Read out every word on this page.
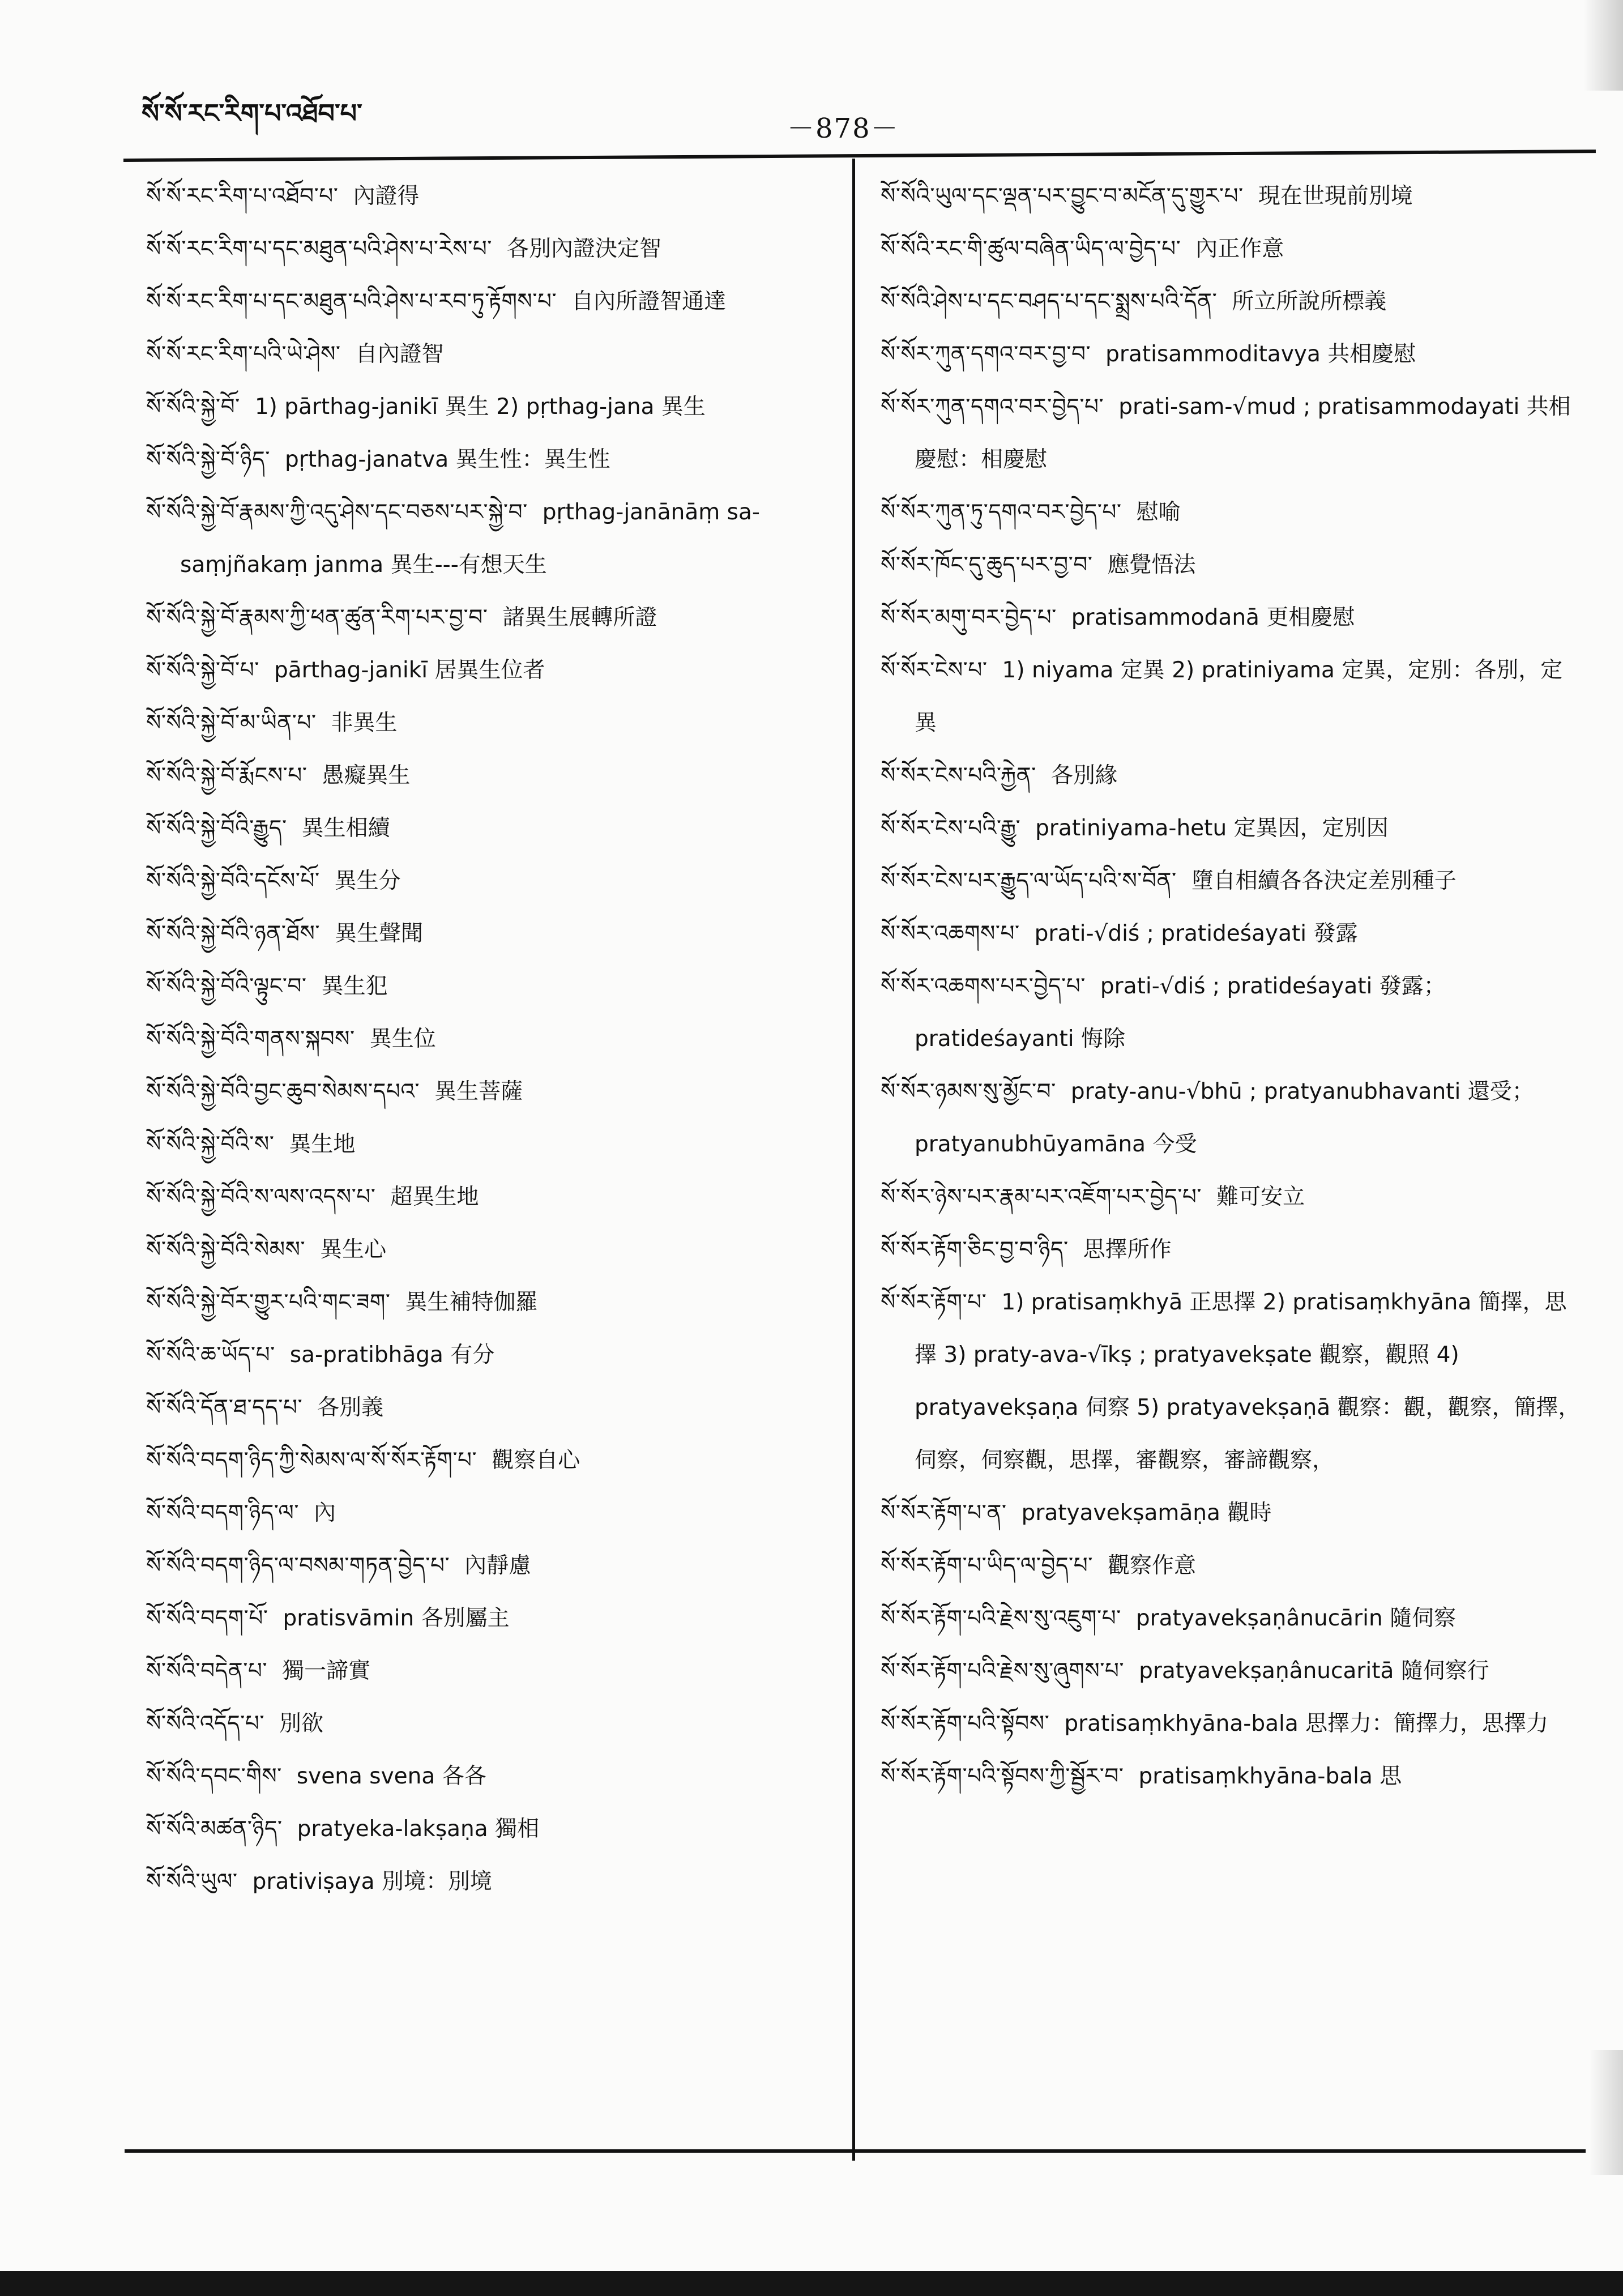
སོ་སོ་རང་རིག་པ་འཐོབ་པ་	－878－

སོ་སོ་རང་རིག་པ་འཐོབ་པ་ 內證得

སོ་སོ་རང་རིག་པ་དང་མཐུན་པའི་ཤེས་པ་རེས་པ་ 各別內證決定智

སོ་སོ་རང་རིག་པ་དང་མཐུན་པའི་ཤེས་པ་རབ་ཏུ་རྟོགས་པ་ 自內所證智通達

སོ་སོ་རང་རིག་པའི་ཡེ་ཤེས་ 自內證智

སོ་སོའི་སྐྱེ་བོ་ 1) pārthag-janikī 異生 2) pṛthag-jana 異生

སོ་སོའི་སྐྱེ་བོ་ཉིད་ pṛthag-janatva 異生性：異生性

སོ་སོའི་སྐྱེ་བོ་རྣམས་ཀྱི་འདུ་ཤེས་དང་བཅས་པར་སྐྱེ་བ་ pṛthag-janānāṃ sa-saṃjñakaṃ janma 異生---有想天生

སོ་སོའི་སྐྱེ་བོ་རྣམས་ཀྱི་ཕན་ཚུན་རིག་པར་བྱ་བ་ 諸異生展轉所證

སོ་སོའི་སྐྱེ་བོ་པ་ pārthag-janikī 居異生位者

སོ་སོའི་སྐྱེ་བོ་མ་ཡིན་པ་ 非異生

སོ་སོའི་སྐྱེ་བོ་རྨོངས་པ་ 愚癡異生

སོ་སོའི་སྐྱེ་བོའི་རྒྱུད་ 異生相續

སོ་སོའི་སྐྱེ་བོའི་དངོས་པོ་ 異生分

སོ་སོའི་སྐྱེ་བོའི་ཉན་ཐོས་ 異生聲聞

སོ་སོའི་སྐྱེ་བོའི་ལྟུང་བ་ 異生犯

སོ་སོའི་སྐྱེ་བོའི་གནས་སྐབས་ 異生位

སོ་སོའི་སྐྱེ་བོའི་བྱང་ཆུབ་སེམས་དཔའ་ 異生菩薩

སོ་སོའི་སྐྱེ་བོའི་ས་ 異生地

སོ་སོའི་སྐྱེ་བོའི་ས་ལས་འདས་པ་ 超異生地

སོ་སོའི་སྐྱེ་བོའི་སེམས་ 異生心

སོ་སོའི་སྐྱེ་བོར་གྱུར་པའི་གང་ཟག་ 異生補特伽羅

སོ་སོའི་ཆ་ཡོད་པ་ sa-pratibhāga 有分

སོ་སོའི་དོན་ཐ་དད་པ་ 各別義

སོ་སོའི་བདག་ཉིད་ཀྱི་སེམས་ལ་སོ་སོར་རྟོག་པ་ 觀察自心

སོ་སོའི་བདག་ཉིད་ལ་ 內

སོ་སོའི་བདག་ཉིད་ལ་བསམ་གཏན་བྱེད་པ་ 內靜慮

སོ་སོའི་བདག་པོ་ pratisvāmin 各別屬主

སོ་སོའི་བདེན་པ་ 獨一諦實

སོ་སོའི་འདོད་པ་ 別欲

སོ་སོའི་དབང་གིས་ svena svena 各各

སོ་སོའི་མཚན་ཉིད་ pratyeka-lakṣaṇa 獨相

སོ་སོའི་ཡུལ་ prativiṣaya 別境：別境

སོ་སོའི་ཡུལ་དང་ལྡན་པར་བྱུང་བ་མངོན་དུ་གྱུར་པ་ 現在世現前別境

སོ་སོའི་རང་གི་ཚུལ་བཞིན་ཡིད་ལ་བྱེད་པ་ 內正作意

སོ་སོའི་ཤེས་པ་དང་བཤད་པ་དང་སྨྲས་པའི་དོན་ 所立所說所標義

སོ་སོར་ཀུན་དགའ་བར་བྱ་བ་ pratisammoditavya 共相慶慰

སོ་སོར་ཀུན་དགའ་བར་བྱེད་པ་ prati-sam-√mud ; pratisammodayati 共相慶慰：相慶慰

སོ་སོར་ཀུན་ཏུ་དགའ་བར་བྱེད་པ་ 慰喻

སོ་སོར་ཁོང་དུ་ཆུད་པར་བྱ་བ་ 應覺悟法

སོ་སོར་མགུ་བར་བྱེད་པ་ pratisammodanā 更相慶慰

སོ་སོར་ངེས་པ་ 1) niyama 定異 2) pratiniyama 定異，定別：各別，定異

སོ་སོར་ངེས་པའི་རྐྱེན་ 各別緣

སོ་སོར་ངེས་པའི་རྒྱུ་ pratiniyama-hetu 定異因，定別因

སོ་སོར་ངེས་པར་རྒྱུད་ལ་ཡོད་པའི་ས་བོན་ 墮自相續各各決定差別種子

སོ་སོར་འཆགས་པ་ prati-√diś ; pratideśayati 發露

སོ་སོར་འཆགས་པར་བྱེད་པ་ prati-√diś ; pratideśayati 發露；pratideśayanti 悔除

སོ་སོར་ཉམས་སུ་མྱོང་བ་ praty-anu-√bhū ; pratyanubhavanti 還受；pratyanubhūyamāna 今受

སོ་སོར་ཉེས་པར་རྣམ་པར་འཇོག་པར་བྱེད་པ་ 難可安立

སོ་སོར་རྟོག་ཅིང་བྱ་བ་ཉིད་ 思擇所作

སོ་སོར་རྟོག་པ་ 1) pratisaṃkhyā 正思擇 2) pratisaṃkhyāna 簡擇，思擇 3) praty-ava-√īkṣ ; pratyavekṣate 觀察，觀照 4) pratyavekṣaṇa 伺察 5) pratyavekṣaṇā 觀察：觀，觀察，簡擇，伺察，伺察觀，思擇，審觀察，審諦觀察，

སོ་སོར་རྟོག་པ་ན་ pratyavekṣamāṇa 觀時

སོ་སོར་རྟོག་པ་ཡིད་ལ་བྱེད་པ་ 觀察作意

སོ་སོར་རྟོག་པའི་རྗེས་སུ་འཇུག་པ་ pratyavekṣaṇânucārin 隨伺察

སོ་སོར་རྟོག་པའི་རྗེས་སུ་ཞུགས་པ་ pratyavekṣaṇânucaritā 隨伺察行

སོ་སོར་རྟོག་པའི་སྟོབས་ pratisaṃkhyāna-bala 思擇力：簡擇力，思擇力

སོ་སོར་རྟོག་པའི་སྟོབས་ཀྱི་སྦྱོར་བ་ pratisaṃkhyāna-bala 思
